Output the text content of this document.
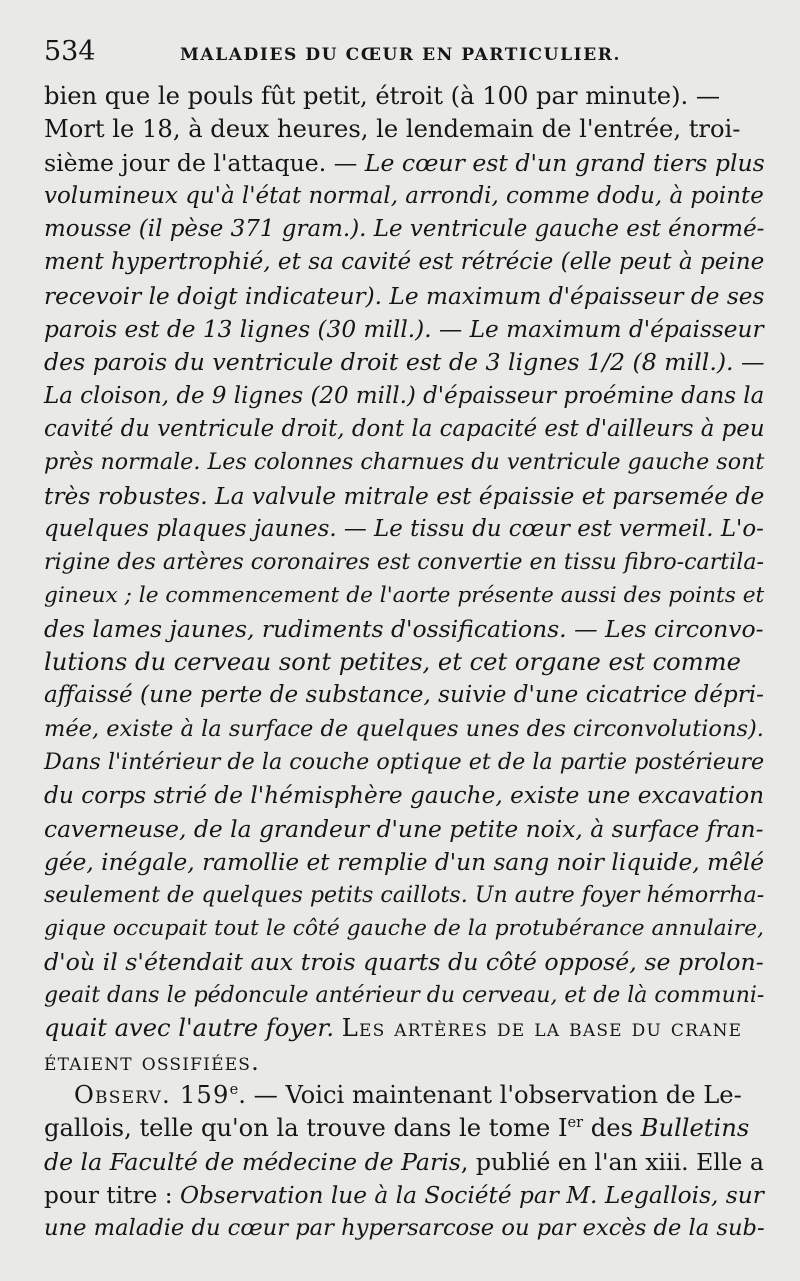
534	MALADIES DU CŒUR EN PARTICULIER.
bien que le pouls fût petit, étroit (à 100 par minute). —
Mort le 18, à deux heures, le lendemain de l'entrée, troi-
sième jour de l'attaque. — Le cœur est d'un grand tiers plus
volumineux qu'à l'état normal, arrondi, comme dodu, à pointe
mousse (il pèse 371 gram.). Le ventricule gauche est énormé-
ment hypertrophié, et sa cavité est rétrécie (elle peut à peine
recevoir le doigt indicateur). Le maximum d'épaisseur de ses
parois est de 13 lignes (30 mill.). — Le maximum d'épaisseur
des parois du ventricule droit est de 3 lignes 1/2 (8 mill.). —
La cloison, de 9 lignes (20 mill.) d'épaisseur proémine dans la
cavité du ventricule droit, dont la capacité est d'ailleurs à peu
près normale. Les colonnes charnues du ventricule gauche sont
très robustes. La valvule mitrale est épaissie et parsemée de
quelques plaques jaunes. — Le tissu du cœur est vermeil. L'o-
rigine des artères coronaires est convertie en tissu fibro-cartila-
gineux ; le commencement de l'aorte présente aussi des points et
des lames jaunes, rudiments d'ossifications. — Les circonvo-
lutions du cerveau sont petites, et cet organe est comme
affaissé (une perte de substance, suivie d'une cicatrice dépri-
mée, existe à la surface de quelques unes des circonvolutions).
Dans l'intérieur de la couche optique et de la partie postérieure
du corps strié de l'hémisphère gauche, existe une excavation
caverneuse, de la grandeur d'une petite noix, à surface fran-
gée, inégale, ramollie et remplie d'un sang noir liquide, mêlé
seulement de quelques petits caillots. Un autre foyer hémorrha-
gique occupait tout le côté gauche de la protubérance annulaire,
d'où il s'étendait aux trois quarts du côté opposé, se prolon-
geait dans le pédoncule antérieur du cerveau, et de là communi-
quait avec l'autre foyer. Les artères de la base du crane
étaient ossifiées.
Observ. 159e. — Voici maintenant l'observation de Le-
gallois, telle qu'on la trouve dans le tome Ier des Bulletins
de la Faculté de médecine de Paris, publié en l'an xiii. Elle a
pour titre : Observation lue à la Société par M. Legallois, sur
une maladie du cœur par hypersarcose ou par excès de la sub-
